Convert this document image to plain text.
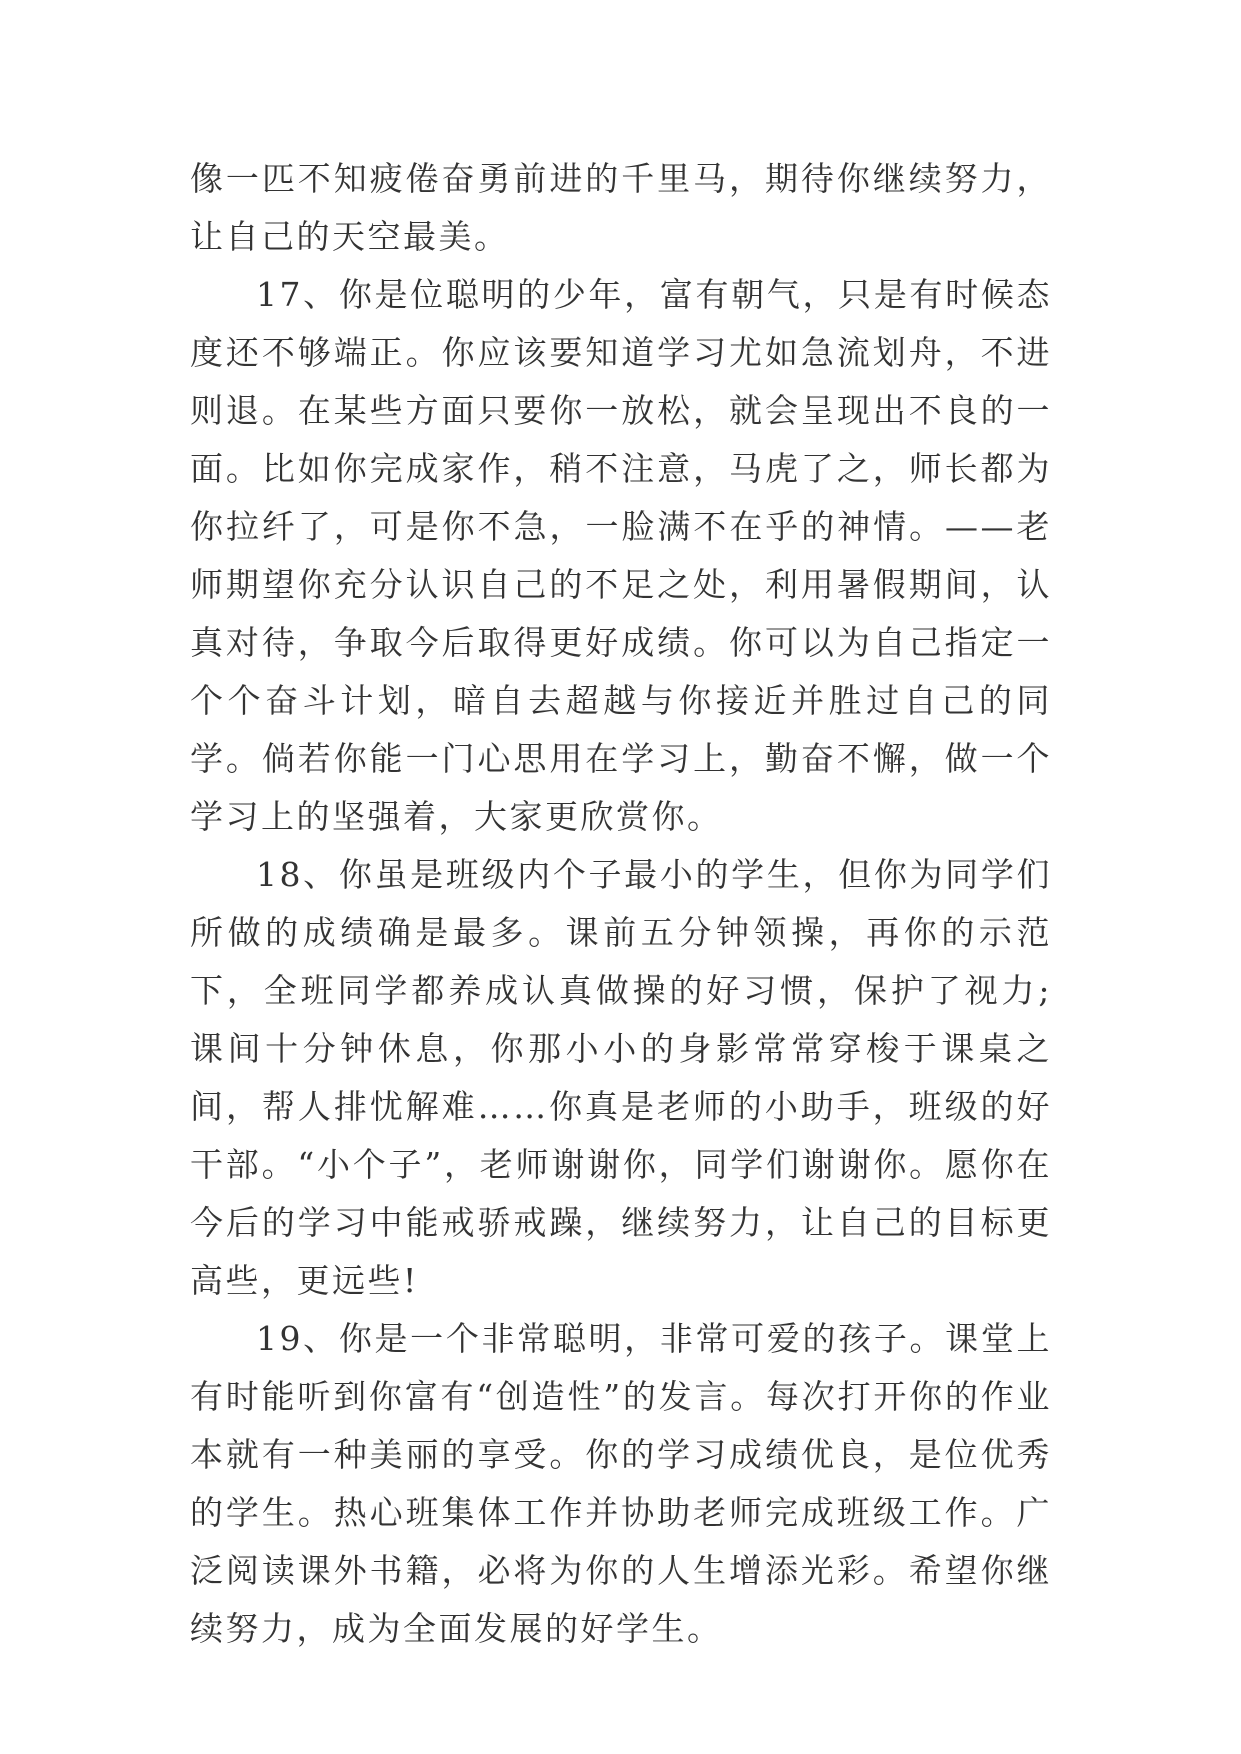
像一匹不知疲倦奋勇前进的千里马，期待你继续努力，让自己的天空最美。

17、你是位聪明的少年，富有朝气，只是有时候态度还不够端正。你应该要知道学习尤如急流划舟，不进则退。在某些方面只要你一放松，就会呈现出不良的一面。比如你完成家作，稍不注意，马虎了之，师长都为你拉纤了，可是你不急，一脸满不在乎的神情。——老师期望你充分认识自己的不足之处，利用暑假期间，认真对待，争取今后取得更好成绩。你可以为自己指定一个个奋斗计划，暗自去超越与你接近并胜过自己的同学。倘若你能一门心思用在学习上，勤奋不懈，做一个学习上的坚强着，大家更欣赏你。

18、你虽是班级内个子最小的学生，但你为同学们所做的成绩确是最多。课前五分钟领操，再你的示范下，全班同学都养成认真做操的好习惯，保护了视力;课间十分钟休息，你那小小的身影常常穿梭于课桌之间，帮人排忧解难……你真是老师的小助手，班级的好干部。“小个子”，老师谢谢你，同学们谢谢你。愿你在今后的学习中能戒骄戒躁，继续努力，让自己的目标更高些，更远些!

19、你是一个非常聪明，非常可爱的孩子。课堂上有时能听到你富有“创造性”的发言。每次打开你的作业本就有一种美丽的享受。你的学习成绩优良，是位优秀的学生。热心班集体工作并协助老师完成班级工作。广泛阅读课外书籍，必将为你的人生增添光彩。希望你继续努力，成为全面发展的好学生。
